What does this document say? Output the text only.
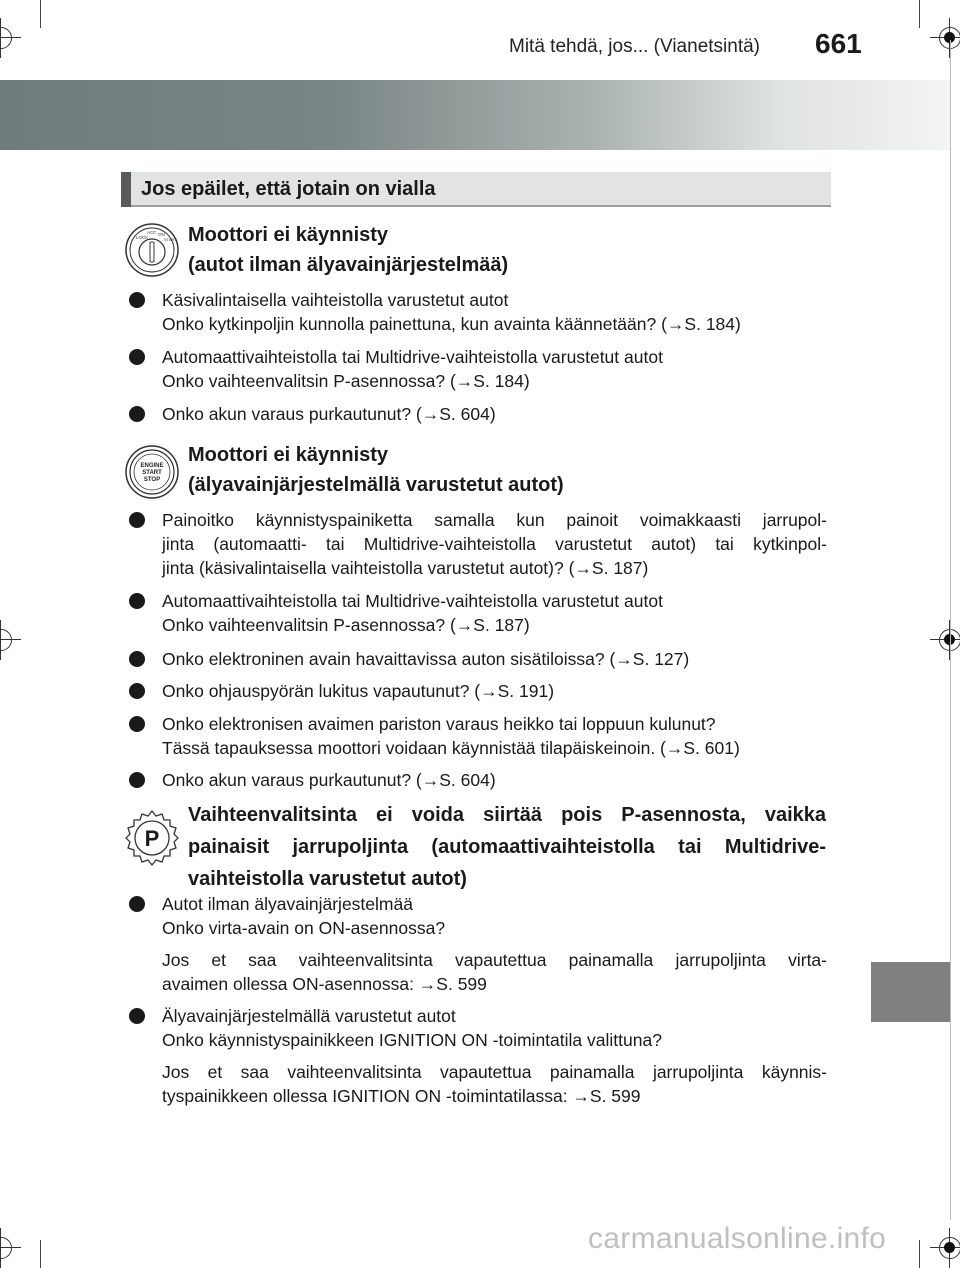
Mitä tehdä, jos... (Vianetsintä) 661
Jos epäilet, että jotain on vialla
LOCK
ACC ON
START Moottori ei käynnisty
(autot ilman älyavainjärjestelmää)
Käsivalintaisella vaihteistolla varustetut autot
Onko kytkinpoljin kunnolla painettuna, kun avainta käännetään? (→S. 184)
Automaattivaihteistolla tai Multidrive-vaihteistolla varustetut autot
Onko vaihteenvalitsin P-asennossa? (→S. 184)
Onko akun varaus purkautunut? (→S. 604)
ENGINE
START
STOP
Moottori ei käynnisty
(älyavainjärjestelmällä varustetut autot)
Painoitko käynnistyspainiketta samalla kun painoit voimakkaasti jarrupol-
jinta (automaatti- tai Multidrive-vaihteistolla varustetut autot) tai kytkinpol-
jinta (käsivalintaisella vaihteistolla varustetut autot)? (→S. 187)
Automaattivaihteistolla tai Multidrive-vaihteistolla varustetut autot
Onko vaihteenvalitsin P-asennossa? (→S. 187)
Onko elektroninen avain havaittavissa auton sisätiloissa? (→S. 127)
Onko ohjauspyörän lukitus vapautunut? (→S. 191)
Onko elektronisen avaimen pariston varaus heikko tai loppuun kulunut?
Tässä tapauksessa moottori voidaan käynnistää tilapäiskeinoin. (→S. 601)
Onko akun varaus purkautunut? (→S. 604)
P
Vaihteenvalitsinta ei voida siirtää pois P-asennosta, vaikka
painaisit jarrupoljinta (automaattivaihteistolla tai Multidrive-
vaihteistolla varustetut autot)
Autot ilman älyavainjärjestelmää
Onko virta-avain on ON-asennossa?
Jos et saa vaihteenvalitsinta vapautettua painamalla jarrupoljinta virta-
avaimen ollessa ON-asennossa: →S. 599
Älyavainjärjestelmällä varustetut autot
Onko käynnistyspainikkeen IGNITION ON -toimintatila valittuna?
Jos et saa vaihteenvalitsinta vapautettua painamalla jarrupoljinta käynnis-
tyspainikkeen ollessa IGNITION ON -toimintatilassa: →S. 599
carmanualsonline.info
